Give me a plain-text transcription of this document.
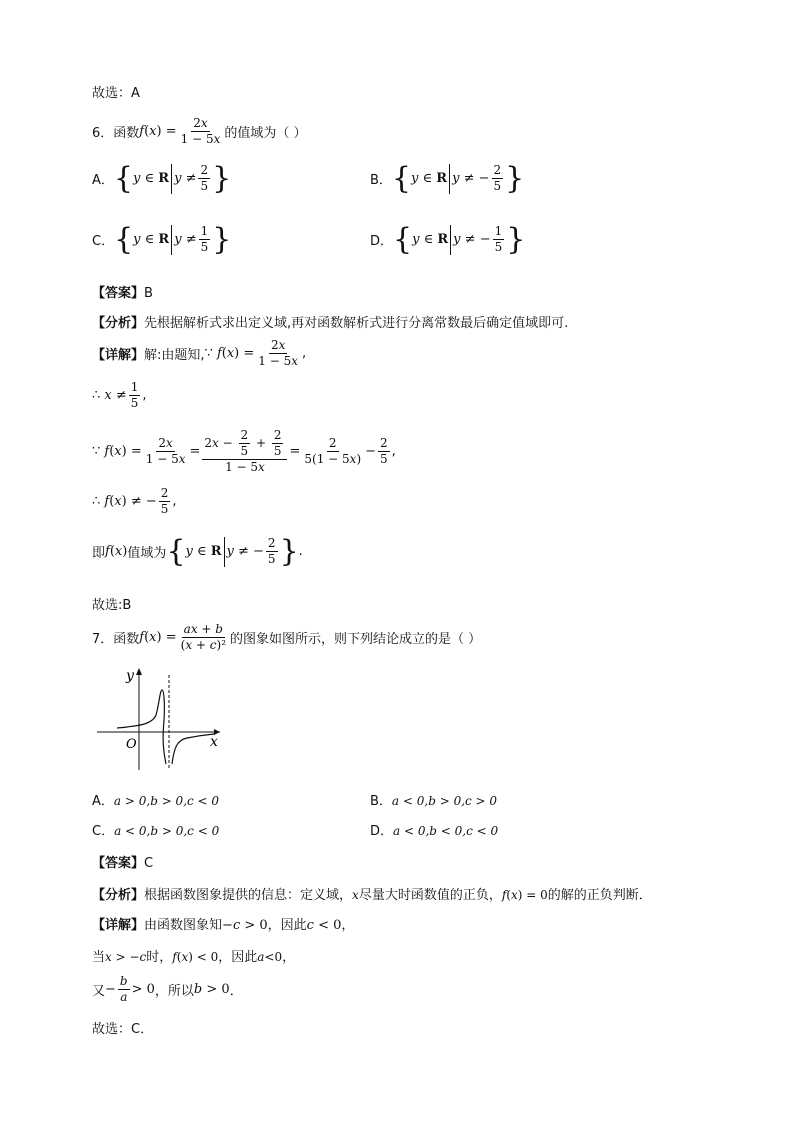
故选：A
6．函数 $f(x) = \frac{2x}{1 - 5x}$ 的值域为（ ）
A． { y ∈ R $y \ne \frac{2}{5}$ }	B． { y ∈ R y ≠ − $\frac{2}{5}$ }
C． { y ∈ R $y \ne \frac{1}{5}$ }	D． { y ∈ R y ≠ − $\frac{1}{5}$ }
【答案】B
【分析】先根据解析式求出定义域,再对函数解析式进行分离常数最后确定值域即可.
【详解】 解:由题知, ∵ $f(x) = \frac{2x}{1 - 5x}$ ,
∴ $x \ne \frac{1}{5}$ ,
∵ $f(x) = \frac{2x}{1 - 5x} = \frac{2x - \frac{2}{5} + \frac{2}{5}}{1 - 5x} = \frac{2}{5(1 - 5x)} - \frac{2}{5}$ ,
∴ f(x) ≠ − $\frac{2}{5}$ ,
即 f(x) 值域为 { y ∈ R y ≠ − $\frac{2}{5}$ } .
故选:B
7．函数 $f(x) = \frac{ax + b}{\text{(x + c)²}}$ 的图象如图所示，则下列结论成立的是（ ）
y
x
O
A．a > 0,b > 0,c < 0	B．a < 0,b > 0,c > 0
C．a < 0,b > 0,c < 0	D．a < 0,b < 0,c < 0
【答案】C
【分析】根据函数图象提供的信息：定义域，x尽量大时函数值的正负，f(x) = 0的解的正负判断．
【详解】由函数图象知−c > 0，因此c < 0，
当x > −c时，f(x) < 0，因此a<0，
又 − $\frac{b}{a} > 0$ ，所以 b > 0 ．
故选：C．
